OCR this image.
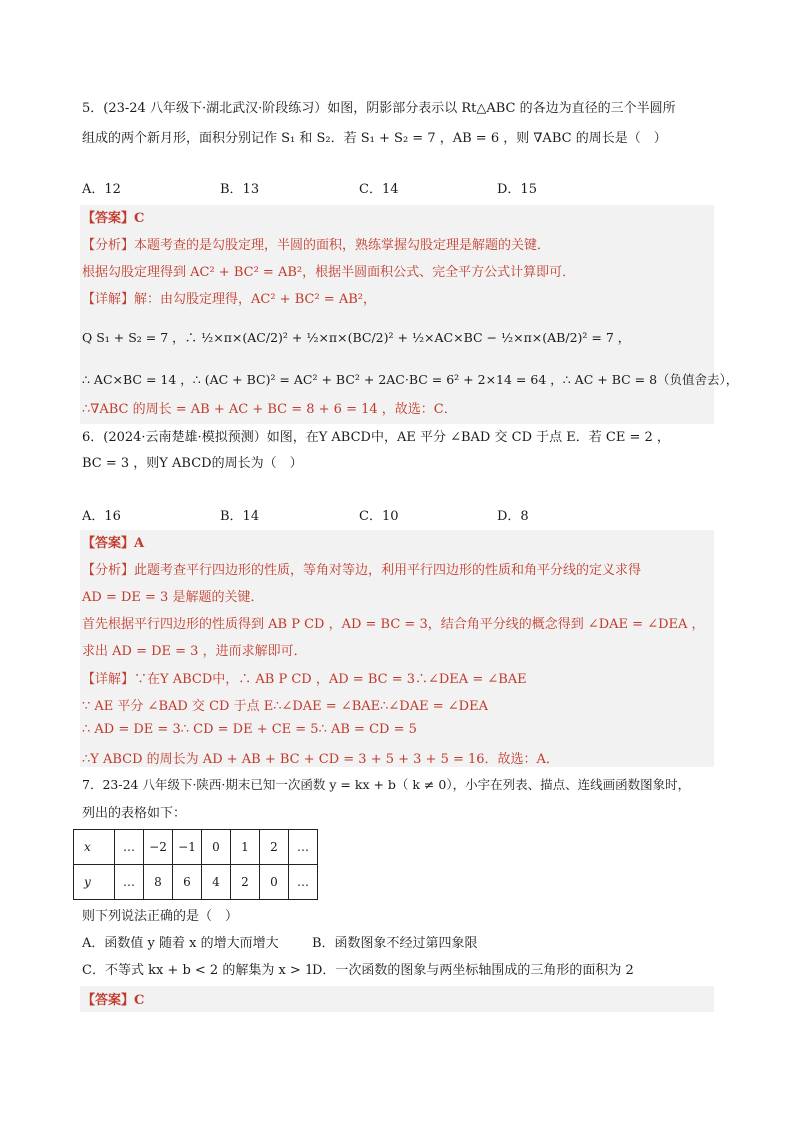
5．(23-24 八年级下·湖北武汉·阶段练习）如图，阴影部分表示以 Rt△ABC 的各边为直径的三个半圆所
组成的两个新月形，面积分别记作 S₁ 和 S₂．若 S₁ + S₂ = 7 ，AB = 6 ，则 ∇ABC 的周长是（　）
A．12	B．13	C．14	D．15
【答案】C
【分析】本题考查的是勾股定理，半圆的面积，熟练掌握勾股定理是解题的关键．
根据勾股定理得到 AC² + BC² = AB²，根据半圆面积公式、完全平方公式计算即可．
【详解】解：由勾股定理得，AC² + BC² = AB²，
Q S₁ + S₂ = 7 ，∴ ½×π×(AC/2)² + ½×π×(BC/2)² + ½×AC×BC − ½×π×(AB/2)² = 7 ，
∴ AC×BC = 14 ，∴ (AC + BC)² = AC² + BC² + 2AC·BC = 6² + 2×14 = 64 ，∴ AC + BC = 8（负值舍去），
∴∇ABC 的周长 = AB + AC + BC = 8 + 6 = 14 ，故选：C．
6．(2024·云南楚雄·模拟预测）如图，在Y ABCD中，AE 平分 ∠BAD 交 CD 于点 E．若 CE = 2 ，
BC = 3 ，则Y ABCD的周长为（　）
A．16	B．14	C．10	D．8
【答案】A
【分析】此题考查平行四边形的性质，等角对等边，利用平行四边形的性质和角平分线的定义求得
AD = DE = 3 是解题的关键．
首先根据平行四边形的性质得到 AB P CD ，AD = BC = 3，结合角平分线的概念得到 ∠DAE = ∠DEA ，
求出 AD = DE = 3 ，进而求解即可．
【详解】∵在Y ABCD中，∴ AB P CD ，AD = BC = 3∴∠DEA = ∠BAE
∵ AE 平分 ∠BAD 交 CD 于点 E∴∠DAE = ∠BAE∴∠DAE = ∠DEA
∴ AD = DE = 3∴ CD = DE + CE = 5∴ AB = CD = 5
∴Y ABCD 的周长为 AD + AB + BC + CD = 3 + 5 + 3 + 5 = 16．故选：A．
7．23-24 八年级下·陕西·期末已知一次函数 y = kx + b（ k ≠ 0），小宇在列表、描点、连线画函数图象时，
列出的表格如下：
x	…	−2	−1	0	1	2	…
y	…	8	6	4	2	0	…
则下列说法正确的是（　）
A．函数值 y 随着 x 的增大而增大	B．函数图象不经过第四象限
C．不等式 kx + b < 2 的解集为 x > 1
D．一次函数的图象与两坐标轴围成的三角形的面积为 2
【答案】C
